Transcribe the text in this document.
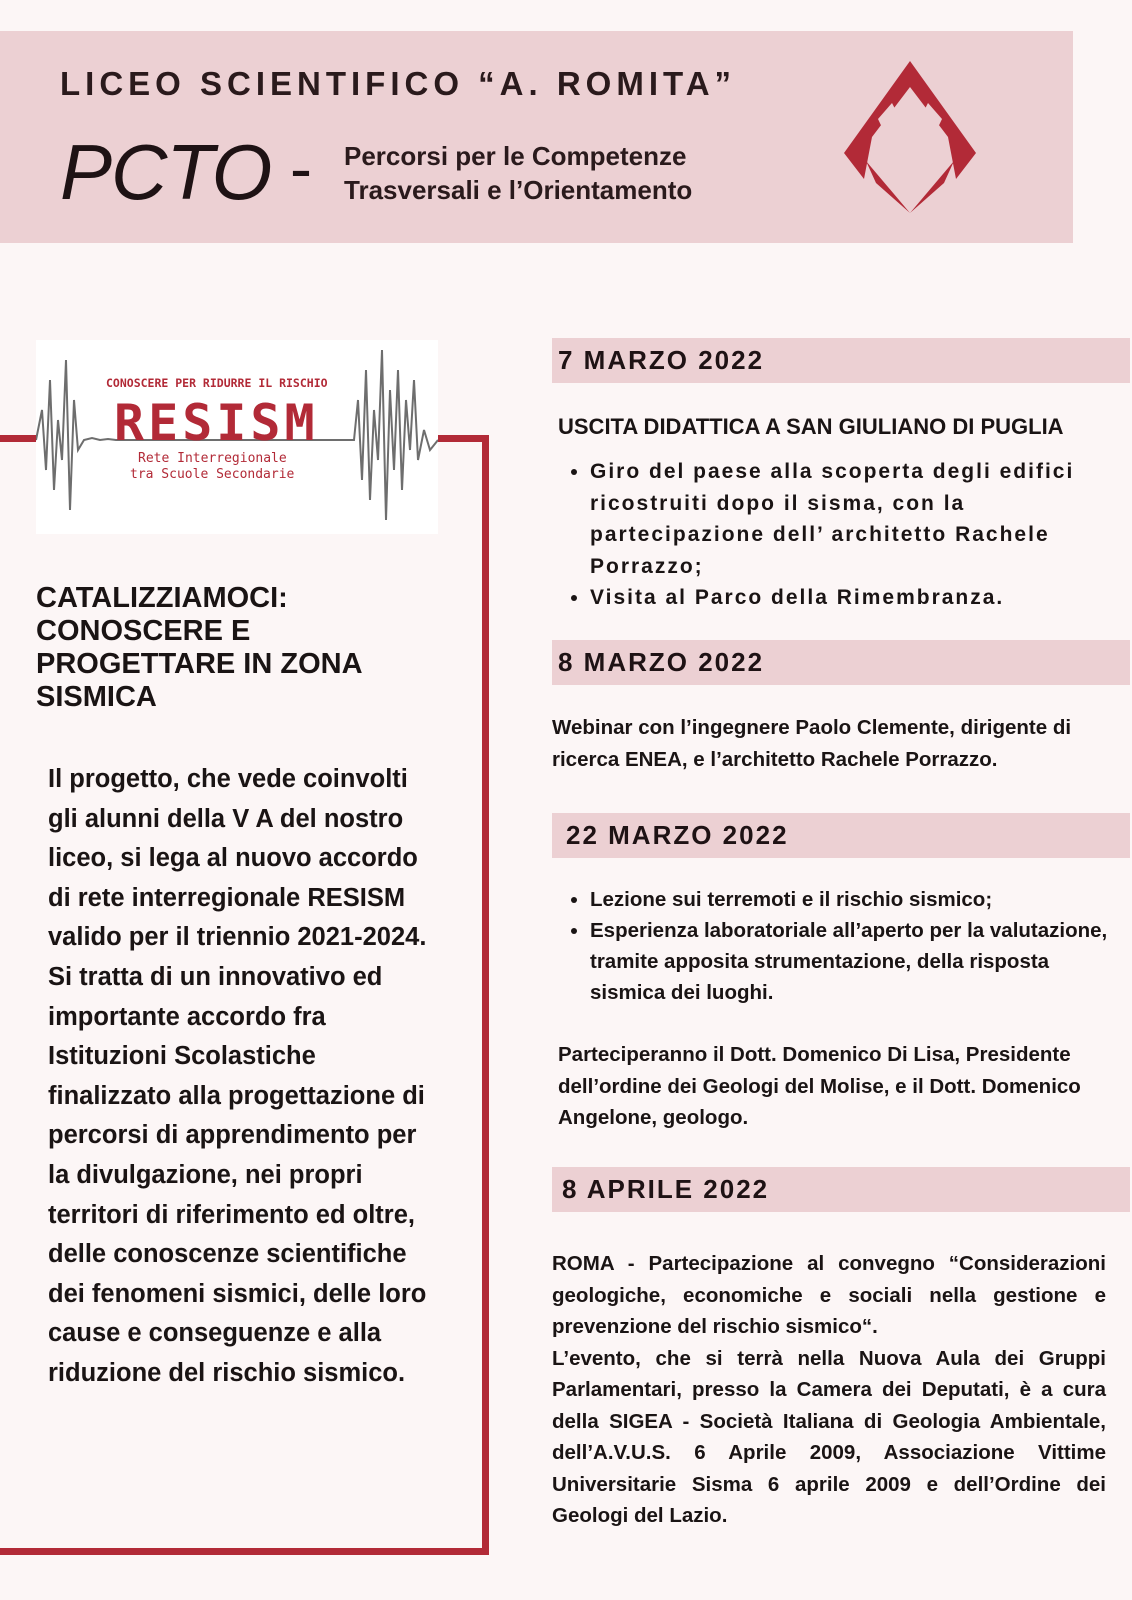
LICEO SCIENTIFICO “A. ROMITA”
PCTO - Percorsi per le Competenze
Trasversali e l’Orientamento
CONOSCERE PER RIDURRE IL RISCHIO
RESISM
Rete Interregionale
tra Scuole Secondarie
CATALIZZIAMOCI: CONOSCERE E PROGETTARE IN ZONA SISMICA
Il progetto, che vede coinvolti gli alunni della V A del nostro liceo, si lega al nuovo accordo di rete interregionale RESISM valido per il triennio 2021-2024. Si tratta di un innovativo ed importante accordo fra Istituzioni Scolastiche finalizzato alla progettazione di percorsi di apprendimento per la divulgazione, nei propri territori di riferimento ed oltre, delle conoscenze scientifiche dei fenomeni sismici, delle loro cause e conseguenze e alla riduzione del rischio sismico.
7 MARZO 2022
USCITA DIDATTICA A SAN GIULIANO DI PUGLIA
• Giro del paese alla scoperta degli edifici ricostruiti dopo il sisma, con la partecipazione dell’ architetto Rachele Porrazzo;
• Visita al Parco della Rimembranza.
8 MARZO 2022
Webinar con l’ingegnere Paolo Clemente, dirigente di ricerca ENEA, e l’architetto Rachele Porrazzo.
22 MARZO 2022
• Lezione sui terremoti e il rischio sismico;
• Esperienza laboratoriale all’aperto per la valutazione, tramite apposita strumentazione, della risposta sismica dei luoghi.
Parteciperanno il Dott. Domenico Di Lisa, Presidente dell’ordine dei Geologi del Molise, e il Dott. Domenico Angelone, geologo.
8 APRILE 2022
ROMA - Partecipazione al convegno “Considerazioni geologiche, economiche e sociali nella gestione e prevenzione del rischio sismico“.
L’evento, che si terrà nella Nuova Aula dei Gruppi Parlamentari, presso la Camera dei Deputati, è a cura della SIGEA - Società Italiana di Geologia Ambientale, dell’A.V.U.S. 6 Aprile 2009, Associazione Vittime Universitarie Sisma 6 aprile 2009 e dell’Ordine dei Geologi del Lazio.
